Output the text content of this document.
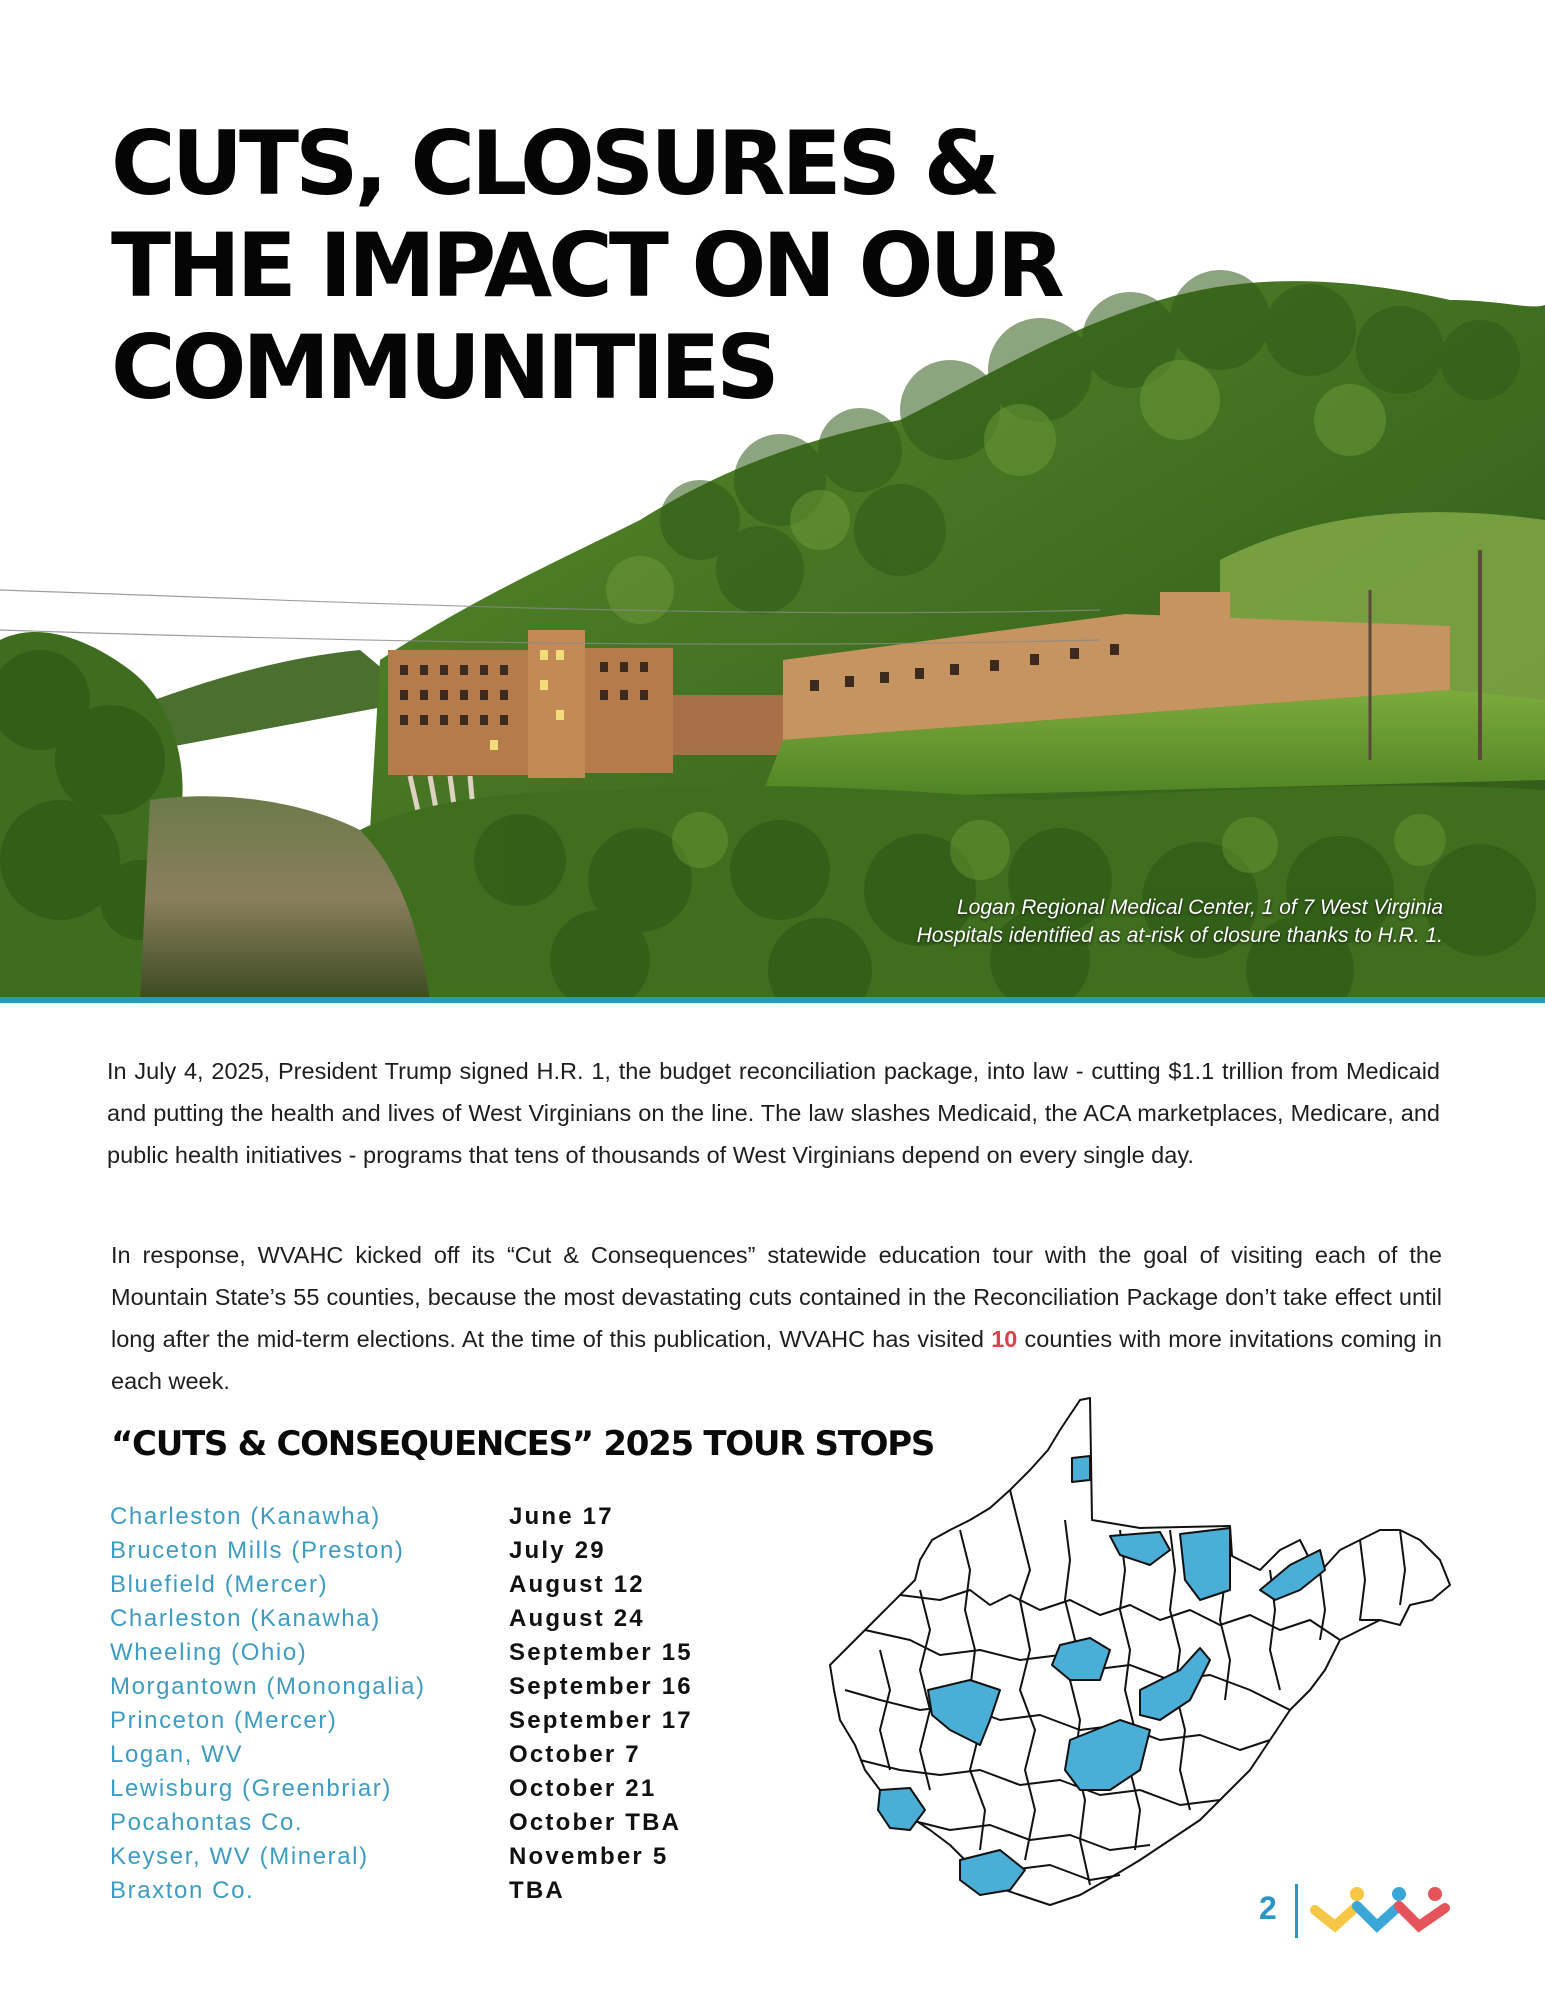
CUTS, CLOSURES &
THE IMPACT ON OUR
COMMUNITIES
Logan Regional Medical Center, 1 of 7 West Virginia
Hospitals identified as at-risk of closure thanks to H.R. 1.

In July 4, 2025, President Trump signed H.R. 1, the budget reconciliation package, into law - cutting $1.1 trillion from Medicaid and putting the health and lives of West Virginians on the line. The law slashes Medicaid, the ACA marketplaces, Medicare, and public health initiatives - programs that tens of thousands of West Virginians depend on every single day.

In response, WVAHC kicked off its “Cut & Consequences” statewide education tour with the goal of visiting each of the Mountain State’s 55 counties, because the most devastating cuts contained in the Reconciliation Package don’t take effect until long after the mid-term elections. At the time of this publication, WVAHC has visited 10 counties with more invitations coming in each week.

“CUTS & CONSEQUENCES” 2025 TOUR STOPS
Charleston (Kanawha)	June 17
Bruceton Mills (Preston)	July 29
Bluefield (Mercer)	August 12
Charleston (Kanawha)	August 24
Wheeling (Ohio)	September 15
Morgantown (Monongalia)	September 16
Princeton (Mercer)	September 17
Logan, WV	October 7
Lewisburg (Greenbriar)	October 21
Pocahontas Co.	October TBA
Keyser, WV (Mineral)	November 5
Braxton Co.	TBA	2
